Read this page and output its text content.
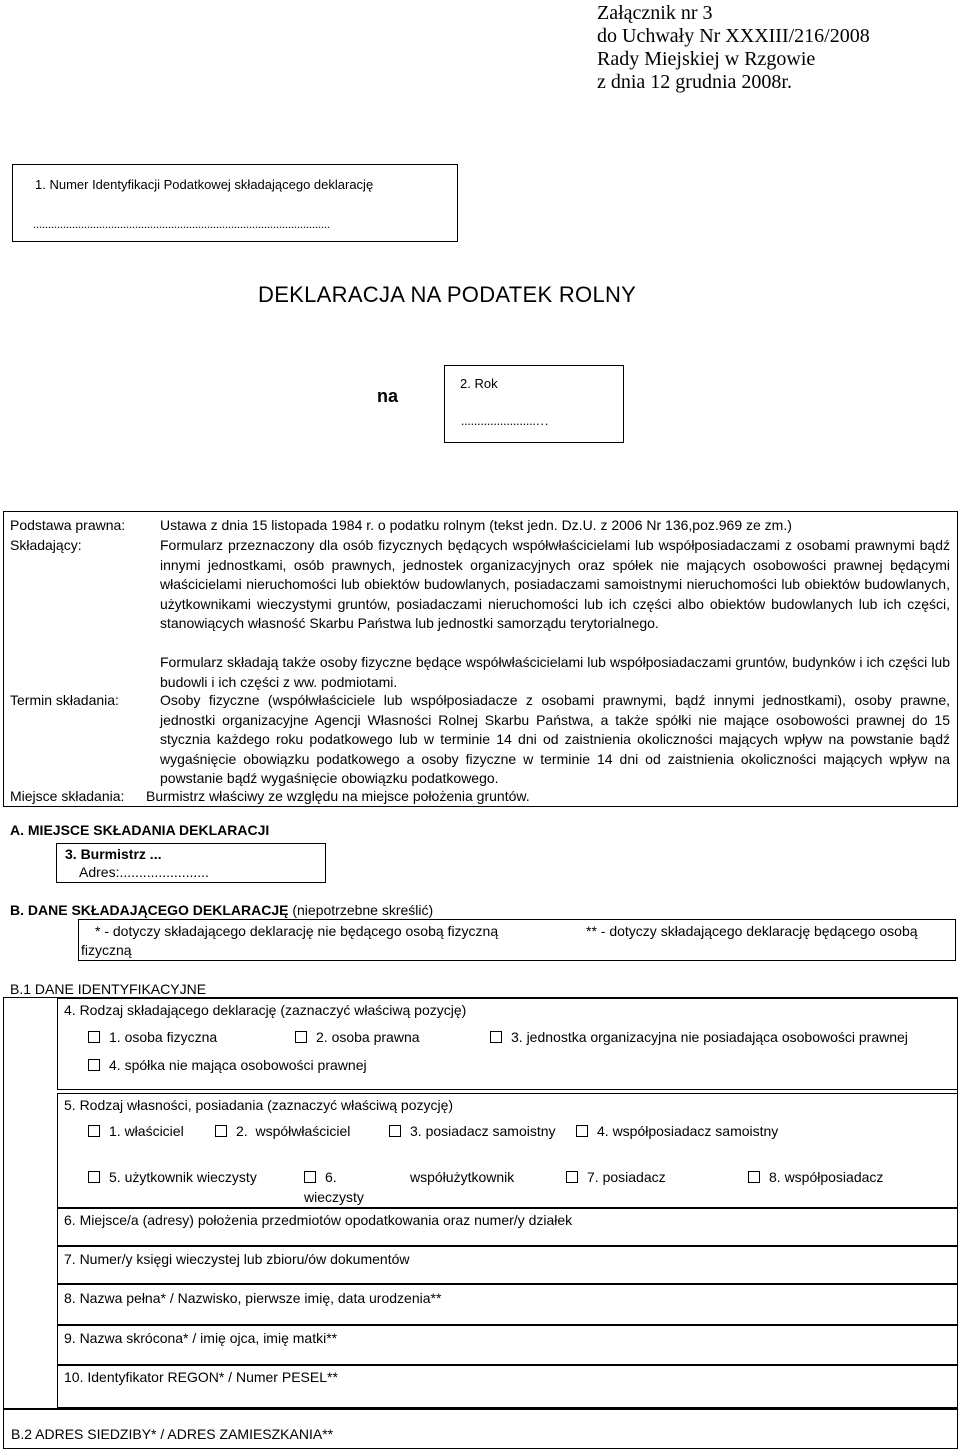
Załącznik nr 3
do Uchwały Nr XXXIII/216/2008
Rady Miejskiej w Rzgowie
z dnia 12 grudnia 2008r.
1. Numer Identyfikacji Podatkowej składającego deklarację
...................................................................................................
DEKLARACJA NA PODATEK ROLNY
na
2. Rok
.......................…
Podstawa prawna: Ustawa z dnia 15 listopada 1984 r. o podatku rolnym (tekst jedn. Dz.U. z 2006 Nr 136,poz.969 ze zm.)
Składający:	Formularz przeznaczony dla osób fizycznych będących współwłaścicielami lub współposiadaczami z osobami prawnymi bądź innymi jednostkami, osób prawnych, jednostek organizacyjnych oraz spółek nie mających osobowości prawnej będącymi właścicielami nieruchomości lub obiektów budowlanych, posiadaczami samoistnymi nieruchomości lub obiektów budowlanych, użytkownikami wieczystymi gruntów, posiadaczami nieruchomości lub ich części albo obiektów budowlanych lub ich części, stanowiących własność Skarbu Państwa lub jednostki samorządu terytorialnego.
Formularz składają także osoby fizyczne będące współwłaścicielami lub współposiadaczami gruntów, budynków i ich części lub budowli i ich części z ww. podmiotami.
Termin składania:	Osoby fizyczne (współwłaściciele lub współposiadacze z osobami prawnymi, bądź innymi jednostkami), osoby prawne, jednostki organizacyjne Agencji Własności Rolnej Skarbu Państwa, a także spółki nie mające osobowości prawnej do 15 stycznia każdego roku podatkowego lub w terminie 14 dni od zaistnienia okoliczności mających wpływ na powstanie bądź wygaśnięcie obowiązku podatkowego a osoby fizyczne w terminie 14 dni od zaistnienia okoliczności mających wpływ na powstanie bądź wygaśnięcie obowiązku podatkowego.
Miejsce składania: Burmistrz właściwy ze względu na miejsce położenia gruntów.
A. MIEJSCE SKŁADANIA DEKLARACJI
3. Burmistrz ...
Adres:.......................
B. DANE SKŁADAJĄCEGO DEKLARACJĘ (niepotrzebne skreślić)
* - dotyczy składającego deklarację nie będącego osobą fizyczną	** - dotyczy składającego deklarację będącego osobą
fizyczną
B.1 DANE IDENTYFIKACYJNE
4. Rodzaj składającego deklarację (zaznaczyć właściwą pozycję)
1. osoba fizyczna	2. osoba prawna	3. jednostka organizacyjna nie posiadająca osobowości prawnej
4. spółka nie mająca osobowości prawnej
5. Rodzaj własności, posiadania (zaznaczyć właściwą pozycję)
1. właściciel	2.  współwłaściciel	3. posiadacz samoistny	4. współposiadacz samoistny
5. użytkownik wieczysty	6.	współużytkownik
wieczysty
7. posiadacz	8. współposiadacz
6. Miejsce/a (adresy) położenia przedmiotów opodatkowania oraz numer/y działek
7. Numer/y księgi wieczystej lub zbioru/ów dokumentów
8. Nazwa pełna* / Nazwisko, pierwsze imię, data urodzenia**
9. Nazwa skrócona* / imię ojca, imię matki**
10. Identyfikator REGON* / Numer PESEL**
B.2 ADRES SIEDZIBY* / ADRES ZAMIESZKANIA**
